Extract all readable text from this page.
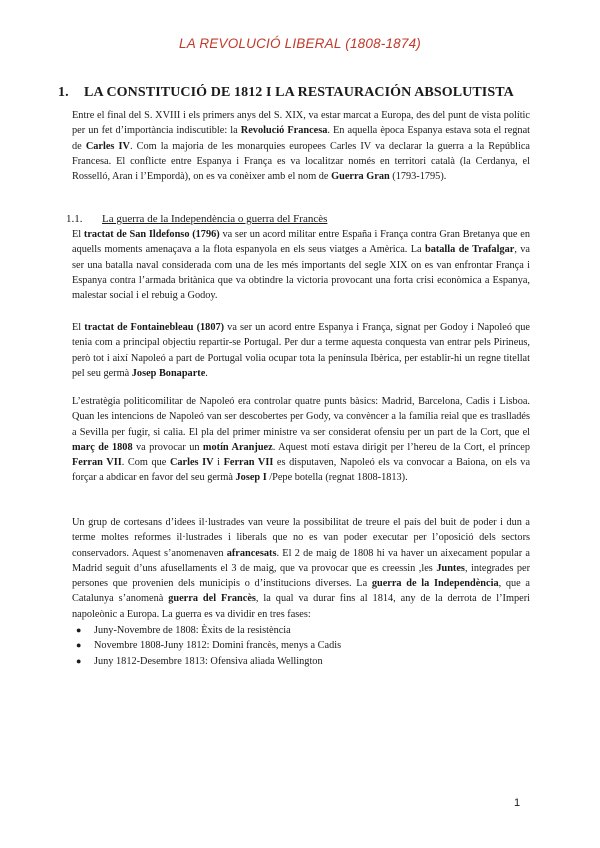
LA REVOLUCIÓ LIBERAL (1808-1874)
1. LA CONSTITUCIÓ DE 1812 I LA RESTAURACIÓN ABSOLUTISTA
Entre el final del S. XVIII i els primers anys del S. XIX, va estar marcat a Europa, des del punt de vista polític per un fet d’importància indiscutible: la Revolució Francesa. En aquella època Espanya estava sota el regnat de Carles IV. Com la majoria de les monarquies europees Carles IV va declarar la guerra a la República Francesa. El conflicte entre Espanya i França es va localitzar només en territori català (la Cerdanya, el Rosselló, Aran i l’Empordà), on es va conèixer amb el nom de Guerra Gran (1793-1795).
1.1. La guerra de la Independència o guerra del Francès
El tractat de San Ildefonso (1796) va ser un acord militar entre España i França contra Gran Bretanya que en aquells moments amenaçava a la flota espanyola en els seus viatges a Amèrica. La batalla de Trafalgar, va ser una batalla naval considerada com una de les més importants del segle XIX on es van enfrontar França i Espanya contra l’armada britànica que va obtindre la victoria provocant una forta crisi econòmica a Espanya, malestar social i el rebuig a Godoy.
El tractat de Fontainebleau (1807) va ser un acord entre Espanya i França, signat per Godoy i Napoleó que tenia com a principal objectiu repartir-se Portugal. Per dur a terme aquesta conquesta van entrar pels Pirineus, però tot i així Napoleó a part de Portugal volia ocupar tota la península Ibèrica, per establir-hi un regne titellat pel seu germà Josep Bonaparte.
L’estratègia politicomilitar de Napoleó era controlar quatre punts bàsics: Madrid, Barcelona, Cadis i Lisboa. Quan les intencions de Napoleó van ser descobertes per Gody, va convèncer a la família reial que es traslladés a Sevilla per fugir, si calia. El pla del primer ministre va ser considerat ofensiu per un part de la Cort, que el març de 1808 va provocar un motín Aranjuez. Aquest motí estava dirigit per l’hereu de la Cort, el príncep Ferran VII. Com que Carles IV i Ferran VII es disputaven, Napoleó els va convocar a Baiona, on els va forçar a abdicar en favor del seu germà Josep I /Pepe botella (regnat 1808-1813).
Un grup de cortesans d’idees il·lustrades van veure la possibilitat de treure el país del buit de poder i dun a terme moltes reformes il·lustrades i liberals que no es van poder executar per l’oposició dels sectors conservadors. Aquest s’anomenaven afrancesats. El 2 de maig de 1808 hi va haver un aixecament popular a Madrid seguit d’uns afusellaments el 3 de maig, que va provocar que es creessin ,les Juntes, integrades per persones que provenien dels municipis o d’institucions diverses. La guerra de la Independència, que a Catalunya s’anomenà guerra del Francès, la qual va durar fins al 1814, any de la derrota de l’Imperi napoleònic a Europa. La guerra es va dividir en tres fases:
● Juny-Novembre de 1808: Èxits de la resistència
● Novembre 1808-Juny 1812: Domini francès, menys a Cadis
● Juny 1812-Desembre 1813: Ofensiva aliada Wellington
1
